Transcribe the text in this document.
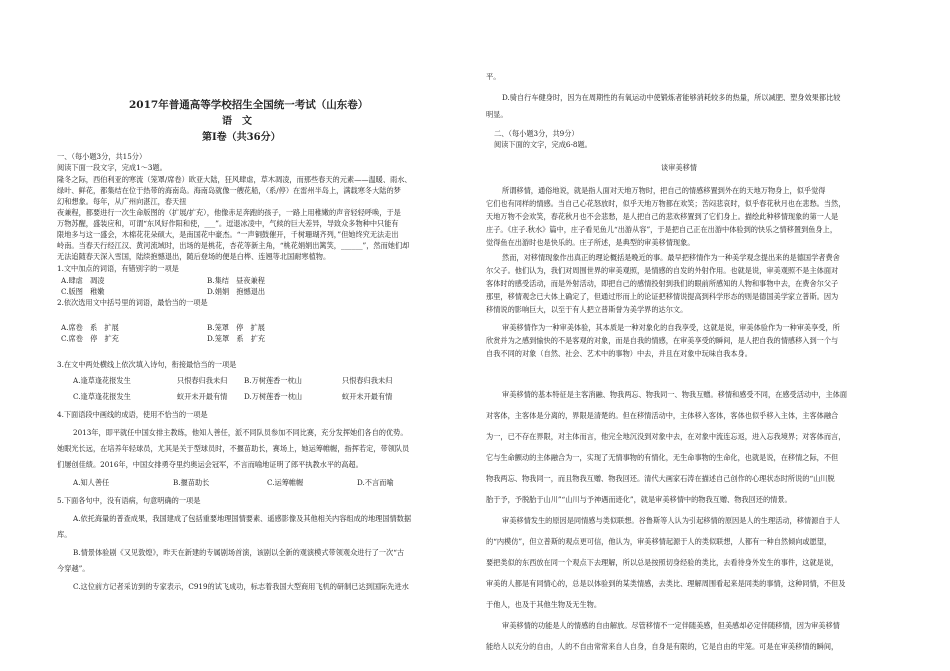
2017年普通高等学校招生全国统一考试（山东卷）
语　文
第Ⅰ卷（共36分）
一、（每小题3分，共15分）
阅读下面一段文字，完成1～3题。
隆冬之际，西伯利亚的寒流（笼罩/席卷）欧亚大陆，狂风肆虐，草木凋凌，而那些春天的元素——温暖、雨水、
绿叶、鲜花，都集结在位于热带的海南岛。海南岛就像一艘花船，（系/停）在雷州半岛上，满载寒冬大陆的梦
幻和想象。每年，从广州向湛江，春天扭
夜兼程，都要进行一次生命版图的（扩展/扩充），他像赤足奔跑的孩子，一路上用稚嫩的声音轻轻呼唤，于是
万物苏醒，盛装应和，可谓“东风好作阳和使，___”。逗退冰凌中，气候的巨大差异，导致众多物种中只能有
限地多与这一盛会，木棉花花朵硕大，是南国花中豪杰。“一声铜鼓催开，千树珊瑚齐列，”但她终究无法走出
岭南。当春天行经江汉、黄河流域时，出场的是桃花，杏花等新主角，“桃花娟娟出篱笑，______”，然而她们却
无法追随春天深入雪国，陆续抱憾退出，随后登场的便是白桦、连翘等北国耐寒植物。
1.文中加点的词语，有错别字的一项是
A.肆虐　凋凌	B.集结　昼夜兼程
C.版图　稚嫩	D.娟娟　抱憾退出
2.依次选用文中括号里的词语，最恰当的一项是
A.席卷　系　扩展	B.笼罩　停　扩展
C.席卷　停　扩充	D.笼罩　系　扩充
3.在文中两处横线上依次填入诗句，衔接最恰当的一项是
A.逢草逢花报发生	只恨春归我未归 B.万树莲香一枕山	只恨春归我未归
C.逢草逢花报发生	蚁开未开最有情 D.万树莲香一枕山	蚁开未开最有情
4.下面语段中画线的成语，使用不恰当的一项是
2013年，即平就任中国女排主教练，他知人善任，派不同队员参加不同比赛，充分发挥她们各自的优势。
她眼光长远，在培养年轻球员，尤其是关于型球员时，不揠苗助长，赛场上，她运筹帷幄，指挥若定，带领队员
们屡创佳绩。2016年，中国女排勇夺里约奥运会冠军，不言而喻地证明了郎平执教水平的高超。
A.知人善任	B.揠苗助长	C.运筹帷幄	D.不言而喻
5.下面各句中，没有语病，句意明确的一项是
A.依托海量的普查成果，我国建成了包括重要地理国情要素、遥感影像及其他相关内容组成的地理国情数据
库。
B.情景体验剧《又见敦煌》，昨天在新建的专属剧场首演，该剧以全新的观演模式带领观众进行了一次“古
今穿越”。
C.这位前方记者采访到的专家表示，C919的试飞成功，标志着我国大型商用飞机的研制已达到国际先进水
平。
D.骑自行车健身时，因为在周期性的有氧运动中使锻炼者能够消耗较多的热量，所以减肥、塑身效果都比较
明显。
二、（每小题3分，共9分）
阅读下面的文字，完成6-8题。
谈审美移情
所谓移情，通俗地说，就是指人面对天地万物时，把自己的情感移置到外在的天地万物身上，似乎觉得
它们也有同样的情感。当自己心花怒放时，似乎天地万物都在欢笑；苦闷悲哀时，似乎春花秋月也在悲愁。当然，
天地万物不会欢笑，春花秋月也不会悲愁，是人把自己的悲欢移置到了它们身上。描绘此种移情现象的第一人是
庄子。《庄子.秋水》篇中，庄子看见鱼儿“出游从容”，于是把自己正在出游中体验到的快乐之情移置到鱼身上，
觉得鱼在出游时也是快乐的。庄子所述，是典型的审美移情现象。
然而，对移情现象作出真正的理论概括是晚近的事。最早把移情作为一种美学观念提出来的是德国学者费舍
尔父子。他们认为，我们对周围世界的审美观照，是情感的自发的外射作用。也就是说，审美观照不是主体面对
客体时的感受活动，而是外射活动，即把自己的感情投射到我们的眼前所感知的人物和事物中去，在费舍尔父子
那里，移情观念已大体上确定了，但通过形而上的论证把移情说提高到科学形态的则是德国美学家立普斯。因为
移情说的影响巨大，以至于有人把立普斯誉为美学界的达尔文。
审美移情作为一种审美体验，其本质是一种对象化的自我享受，这就是说，审美体验作为一种审美享受，所
欣赏并为之感到愉快的不是客观的对象，而是自我的情感，在审美享受的瞬间，是人把自我的情感移入到一个与
自我不同的对象（自然、社会、艺术中的事物）中去，并且在对象中玩味自我本身。
审美移情的基本特征是主客消融、物我两忘、物我同一、物我互赠。移情和感受不同，在感受活动中，主体面
对客体，主客体是分离的，界限是清楚的。但在移情活动中，主体移入客体，客体也似乎移入主体，主客体融合
为一，已不存在界限，对主体而言，他完全地沉没到对象中去，在对象中流连忘返，进入忘我境界；对客体而言，
它与生命颤动的主体融合为一，实现了无情事物的有情化，无生命事物的生命化，也就是说，在移情之际，不但
物我两忘、物我同一，而且物我互赠、物我回还。清代大画家石涛在描述自己创作的心理状态时所说的“山川脱
胎于予，予脱胎于山川”“山川与予神遇而迹化”，就是审美移情中的物我互赠、物我回还的情景。
审美移情发生的原因是同情感与类似联想。谷鲁斯等人认为引起移情的原因是人的生理活动，移情源自于人
的“内模仿”，但立普斯的观点更可信，他认为，审美移情起源于人的类似联想，人都有一种自然倾向或愿望，
要把类似的东西放在同一个观点下去理解，所以总是按照切身经验的类比，去看待身外发生的事件，这就是说，
审美的人都是有同情心的，总是以体验到的某类情感，去类比、理解周围看起来是同类的事情，这种同情，不但及
于他人，也及于其他生物及无生物。
审美移情的功能是人的情感的自由解放。尽管移情不一定伴随美感，但美感却必定伴随移情，因为审美移情
能给人以充分的自由，人的不自由常常来自人自身，自身是有限的，它是自由的牢笼。可是在审美移情的瞬间，
